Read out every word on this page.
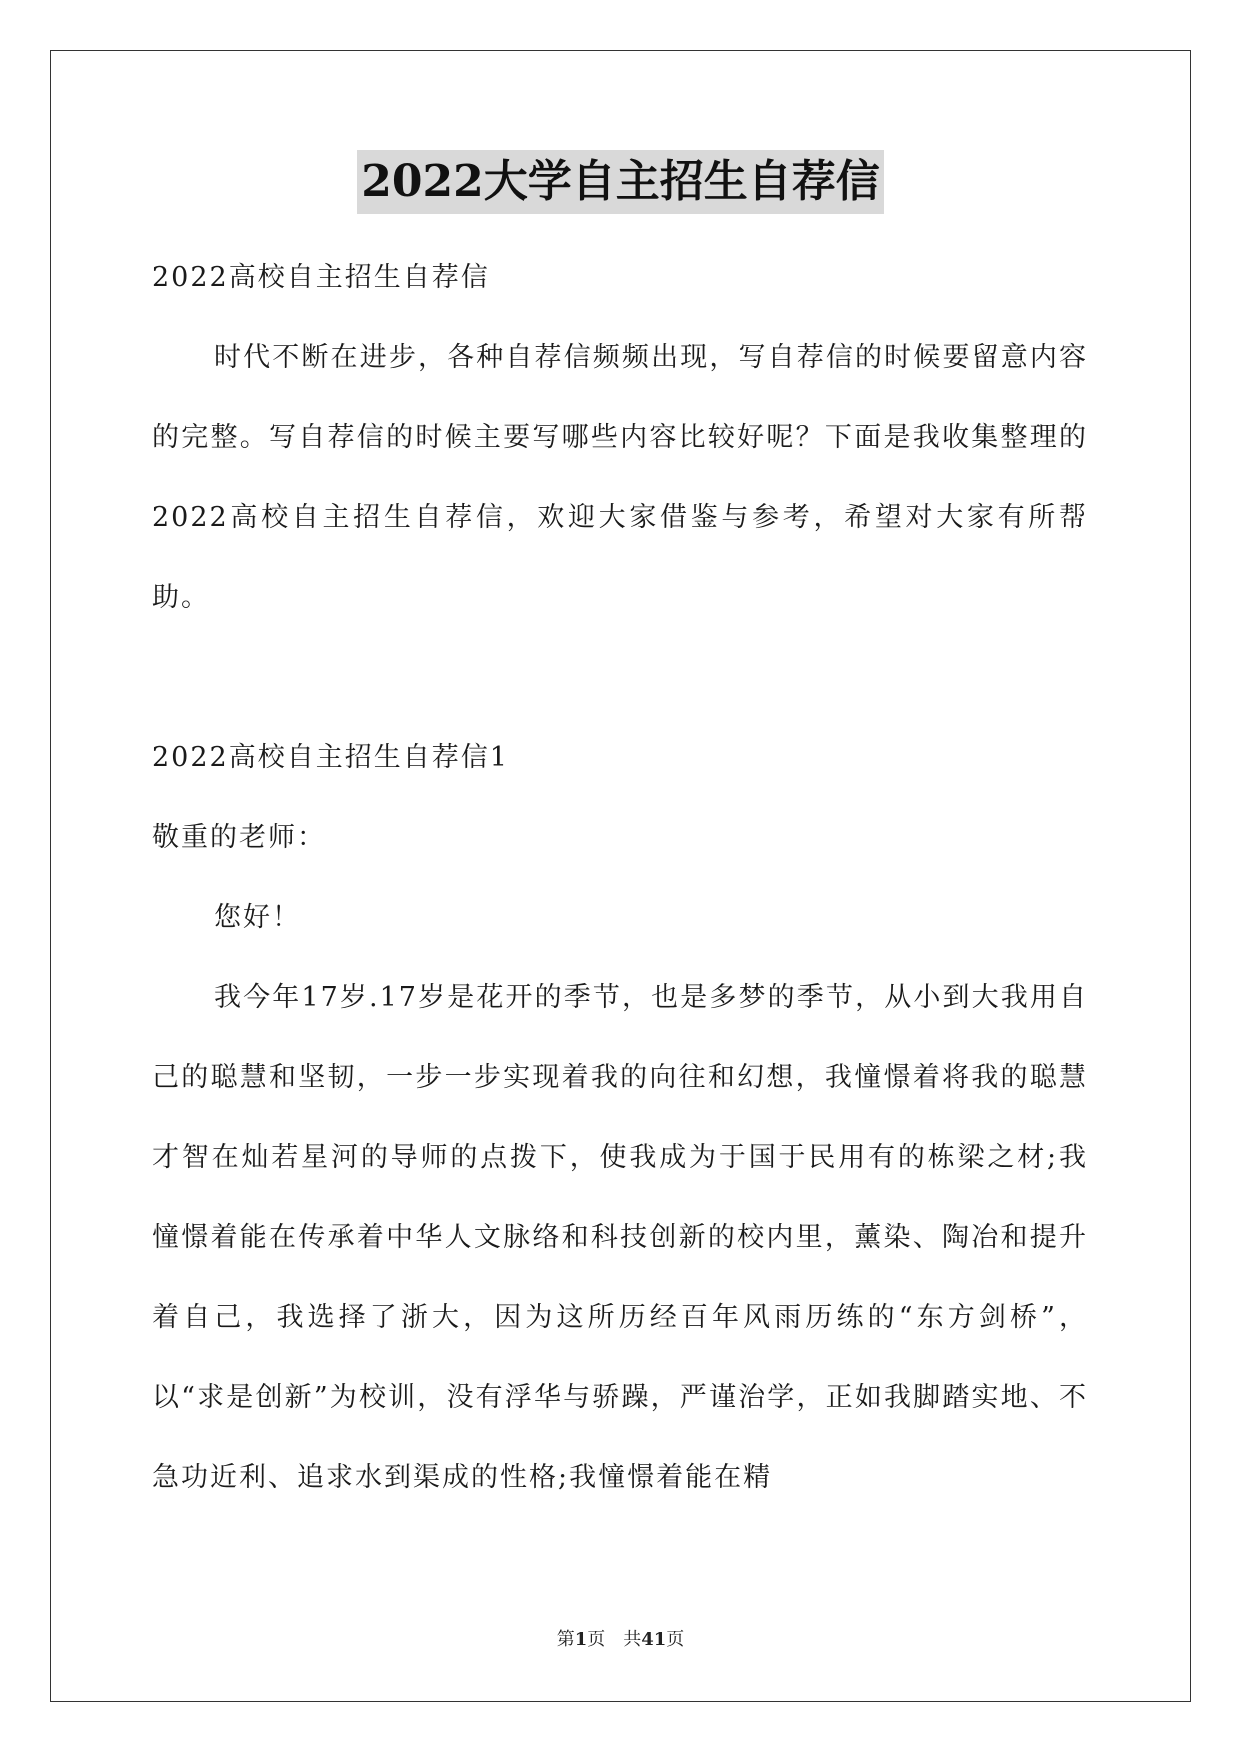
2022大学自主招生自荐信

2022高校自主招生自荐信

时代不断在进步，各种自荐信频频出现，写自荐信的时候要留意内容的完整。写自荐信的时候主要写哪些内容比较好呢？下面是我收集整理的2022高校自主招生自荐信，欢迎大家借鉴与参考，希望对大家有所帮助。

2022高校自主招生自荐信1

敬重的老师：

您好！

我今年17岁.17岁是花开的季节，也是多梦的季节，从小到大我用自己的聪慧和坚韧，一步一步实现着我的向往和幻想，我憧憬着将我的聪慧才智在灿若星河的导师的点拨下，使我成为于国于民用有的栋梁之材;我憧憬着能在传承着中华人文脉络和科技创新的校内里，薰染、陶冶和提升着自己，我选择了浙大，因为这所历经百年风雨历练的“东方剑桥”，以“求是创新”为校训，没有浮华与骄躁，严谨治学，正如我脚踏实地、不急功近利、追求水到渠成的性格;我憧憬着能在精

第1页　共41页
